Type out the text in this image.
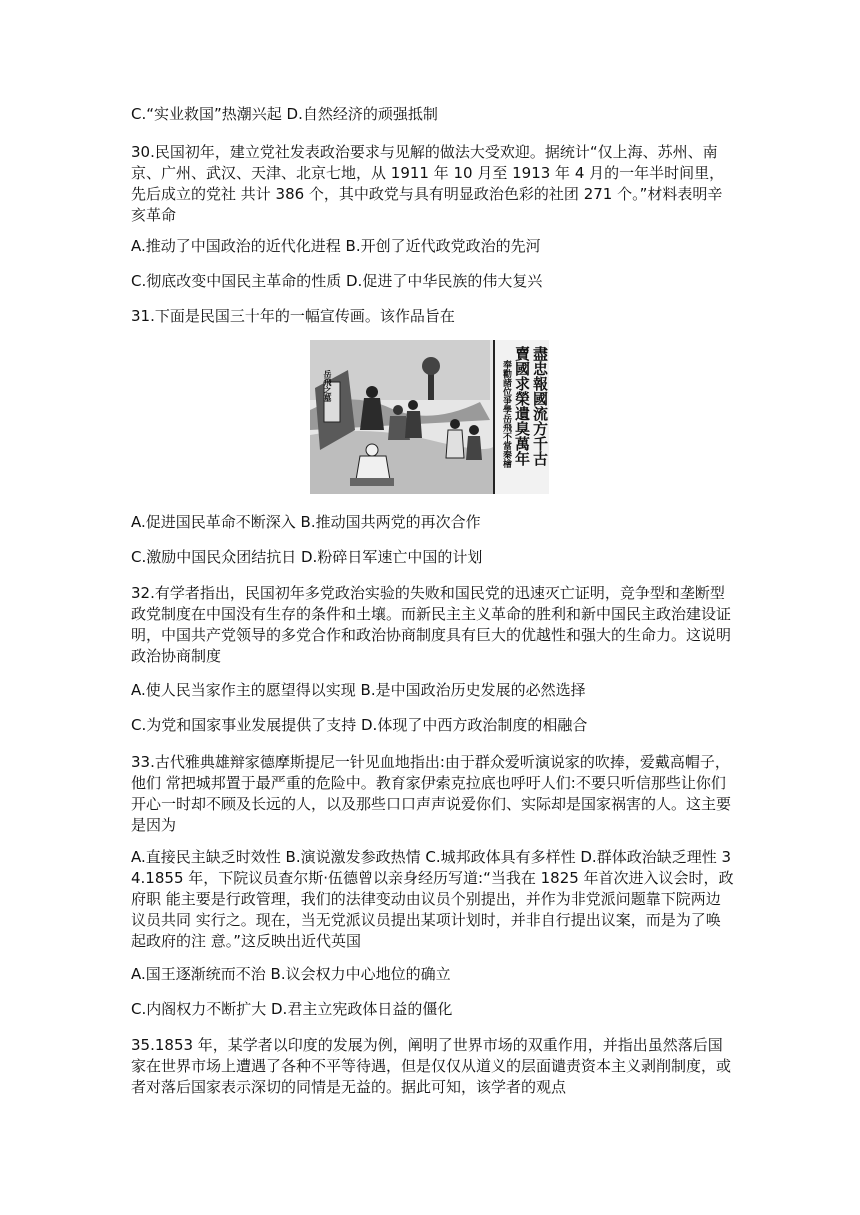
C.“实业救国”热潮兴起 D.自然经济的顽强抵制

30.民国初年，建立党社发表政治要求与见解的做法大受欢迎。据统计“仅上海、苏州、南京、广州、武汉、天津、北京七地，从 1911 年 10 月至 1913 年 4 月的一年半时间里，先后成立的党社 共计 386 个，其中政党与具有明显政治色彩的社团 271 个。”材料表明辛亥革命

A.推动了中国政治的近代化进程 B.开创了近代政党政治的先河

C.彻底改变中国民主革命的性质 D.促进了中华民族的伟大复兴

31.下面是民国三十年的一幅宣传画。该作品旨在

盡忠報國流方千古
賣國求榮遺臭萬年
奉勸諸位爭學岳飛不當秦檜
岳飛之墓

A.促进国民革命不断深入 B.推动国共两党的再次合作

C.激励中国民众团结抗日 D.粉碎日军速亡中国的计划

32.有学者指出，民国初年多党政治实验的失败和国民党的迅速灭亡证明，竞争型和垄断型政党制度在中国没有生存的条件和土壤。而新民主主义革命的胜利和新中国民主政治建设证明，中国共产党领导的多党合作和政治协商制度具有巨大的优越性和强大的生命力。这说明政治协商制度

A.使人民当家作主的愿望得以实现 B.是中国政治历史发展的必然选择

C.为党和国家事业发展提供了支持 D.体现了中西方政治制度的相融合

33.古代雅典雄辩家德摩斯提尼一针见血地指出:由于群众爱听演说家的吹捧，爱戴高帽子，他们 常把城邦置于最严重的危险中。教育家伊索克拉底也呼吁人们:不要只听信那些让你们开心一时却不顾及长远的人，以及那些口口声声说爱你们、实际却是国家祸害的人。这主要是因为

A.直接民主缺乏时效性 B.演说激发参政热情 C.城邦政体具有多样性 D.群体政治缺乏理性 34.1855 年，下院议员查尔斯·伍德曾以亲身经历写道:“当我在 1825 年首次进入议会时，政府职 能主要是行政管理，我们的法律变动由议员个别提出，并作为非党派问题靠下院两边议员共同 实行之。现在，当无党派议员提出某项计划时，并非自行提出议案，而是为了唤起政府的注 意。”这反映出近代英国

A.国王逐渐统而不治 B.议会权力中心地位的确立

C.内阁权力不断扩大 D.君主立宪政体日益的僵化

35.1853 年，某学者以印度的发展为例，阐明了世界市场的双重作用，并指出虽然落后国家在世界市场上遭遇了各种不平等待遇，但是仅仅从道义的层面谴责资本主义剥削制度，或者对落后国家表示深切的同情是无益的。据此可知，该学者的观点
